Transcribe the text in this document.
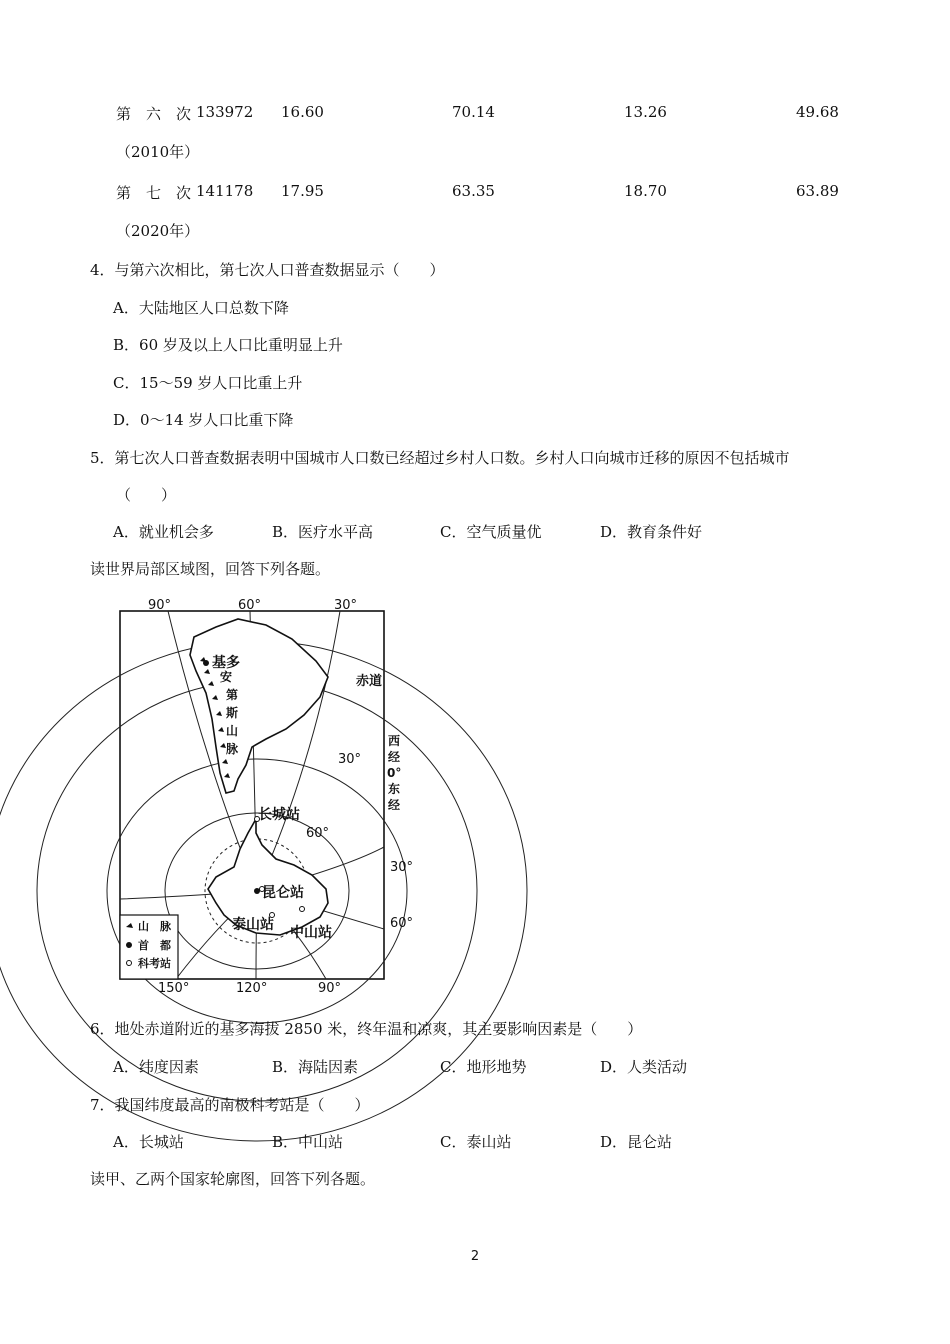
第　六　次 133972 16.60	70.14	13.26	49.68
（2010年）
第　七　次 141178 17.95	63.35	18.70	63.89
（2020年）
4．与第六次相比，第七次人口普查数据显示（　　）
A．大陆地区人口总数下降
B．60 岁及以上人口比重明显上升
C．15～59 岁人口比重上升
D．0～14 岁人口比重下降
5．第七次人口普查数据表明中国城市人口数已经超过乡村人口数。乡村人口向城市迁移的原因不包括城市
（　　）
A．就业机会多	B．医疗水平高	C．空气质量优	D．教育条件好
读世界局部区域图，回答下列各题。
90°	60°	30°
150°	120°	90°
30°
60°
30°
60°
赤道
基多
安
第
斯
山
脉
西
经
0°
东
经
长城站
昆仑站
泰山站 中山站
山　脉
首　都
科考站
6．地处赤道附近的基多海拔 2850 米，终年温和凉爽，其主要影响因素是（　　）
A．纬度因素	B．海陆因素	C．地形地势	D．人类活动
7．我国纬度最高的南极科考站是（　　）
A．长城站	B．中山站	C．泰山站	D．昆仑站
读甲、乙两个国家轮廓图，回答下列各题。
2
